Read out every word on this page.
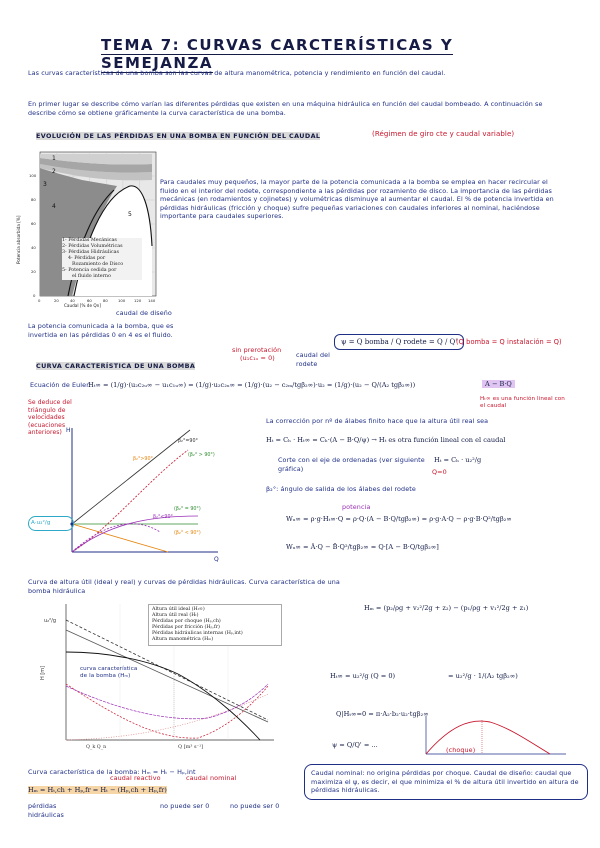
TEMA 7: CURVAS CARCTERÍSTICAS Y SEMEJANZA
Las curvas características de una bomba son las curvas de altura manométrica, potencia y rendimiento en función del caudal.
En primer lugar se describe cómo varían las diferentes pérdidas que existen en una máquina hidráulica en función del caudal bombeado. A continuación se describe cómo se obtiene gráficamente la curva característica de una bomba.
EVOLUCIÓN DE LAS PÉRDIDAS EN UNA BOMBA EN FUNCIÓN DEL CAUDAL	(Régimen de giro cte y caudal variable)
1
2
3
4
5
0	20	40	60	80	100 120 140
0
20
40
60
80
100
Caudal [% de Qn]
Potencia absorbida [%]	1- Pérdidas Mecánicas
2- Pérdidas Volumétricas
3- Pérdidas Hidráulicas
4- Pérdidas por
Rozamiento de Disco
5- Potencia cedida por
el fluido interno
Para caudales muy pequeños, la mayor parte de la potencia comunicada a la bomba se emplea en hacer recircular el fluido en el interior del rodete, correspondiente a las pérdidas por rozamiento de disco. La importancia de las pérdidas mecánicas (en rodamientos y cojinetes) y volumétricas disminuye al aumentar el caudal. El % de potencia invertida en pérdidas hidráulicas (fricción y choque) sufre pequeñas variaciones con caudales inferiores al nominal, haciéndose importante para caudales superiores.
caudal de diseño
La potencia comunicada a la bomba, que es invertida en las pérdidas 0 en 4 es el fluido.
CURVA CARACTERÍSTICA DE UNA BOMBA
sin prerotación
(u₁c₁ᵤ = 0)	caudal del rodete
ψ = Q bomba / Q rodete = Q / Q'
(Q bomba = Q instalación = Q)
Ecuación de Euler:
Hₜ∞ = (1/g)·(u₂c₂ᵤ∞ − u₁c₁ᵤ∞) = (1/g)·u₂c₂ᵤ∞ = (1/g)·(u₂ − c₂ₘ/tgβ₂∞)·u₂ = (1/g)·(u₂ − Q/(A₂ tgβ₂∞))	A − B·Q
Hₜ∞ es una función lineal con el caudal
Se deduce del triángulo de velocidades (ecuaciones anteriores)
La corrección por nº de álabes finito hace que la altura útil real sea
Hₜ = Cₕ · Hₜ∞ = Cₕ·(A − B·Q/ψ) → Hₜ es otra función lineal con el caudal
Corte con el eje de ordenadas (ver siguiente gráfica)
Hₜ = Cₕ · u₂²/g
Q=0
β₂°: ángulo de salida de los álabes del rodete
potencia
Wᵤ∞ = ρ·g·Hₜ∞·Q = ρ·Q·(A − B·Q/tgβ₂∞) = ρ·g·A·Q − ρ·g·B·Q²/tgβ₂∞
Wᵤ∞ = Ã·Q − B̃·Q²/tgβ₂∞ = Q·[A − B·Q/tgβ₂∞]
H
Q
β₂°>90°
β₂°=90°
(β₂° > 90°)
β₂°<90°
(β₂° = 90°)
(β₂° < 90°)
A·u₂²/g
Curva de altura útil (ideal y real) y curvas de pérdidas hidráulicas. Curva característica de una bomba hidráulica
u₂²/g
H [m]
Q [m³ s⁻¹]
Q_k Q_n
Altura útil ideal (Hₜ∞)
Altura útil real (Hₜ)
Pérdidas por choque (Hₚ,ch)
Pérdidas por fricción (Hₚ,fr)
Pérdidas hidráulicas internas (Hₚ,int)
Altura manométrica (Hₘ)
curva característica de la bomba (Hₘ)
Hₘ = (p₂/ρg + v₂²/2g + z₂) − (p₁/ρg + v₁²/2g + z₁)
Hₜ∞ = u₂²/g (Q = 0)	= u₂²/g · 1/(A₂ tgβ₂∞)
Q|Hₜ∞=0 = π·A₂·b₂·u₂·tgβ₂∞
ψ = Q/Q' = ...
(choque)
Curva característica de la bomba: Hₘ = Hₜ − Hₚ,int
Hₘ = Hₜ,ch + Hₚ,fr = Hₜ − (Hₚ,ch + Hₚ,fr)
caudal nominal
caudal reactivo
pérdidas hidráulicas
no puede ser 0	no puede ser 0
Caudal nominal: no origina pérdidas por choque. Caudal de diseño: caudal que maximiza el ψ, es decir, el que minimiza el % de altura útil invertido en altura de pérdidas hidráulicas.
